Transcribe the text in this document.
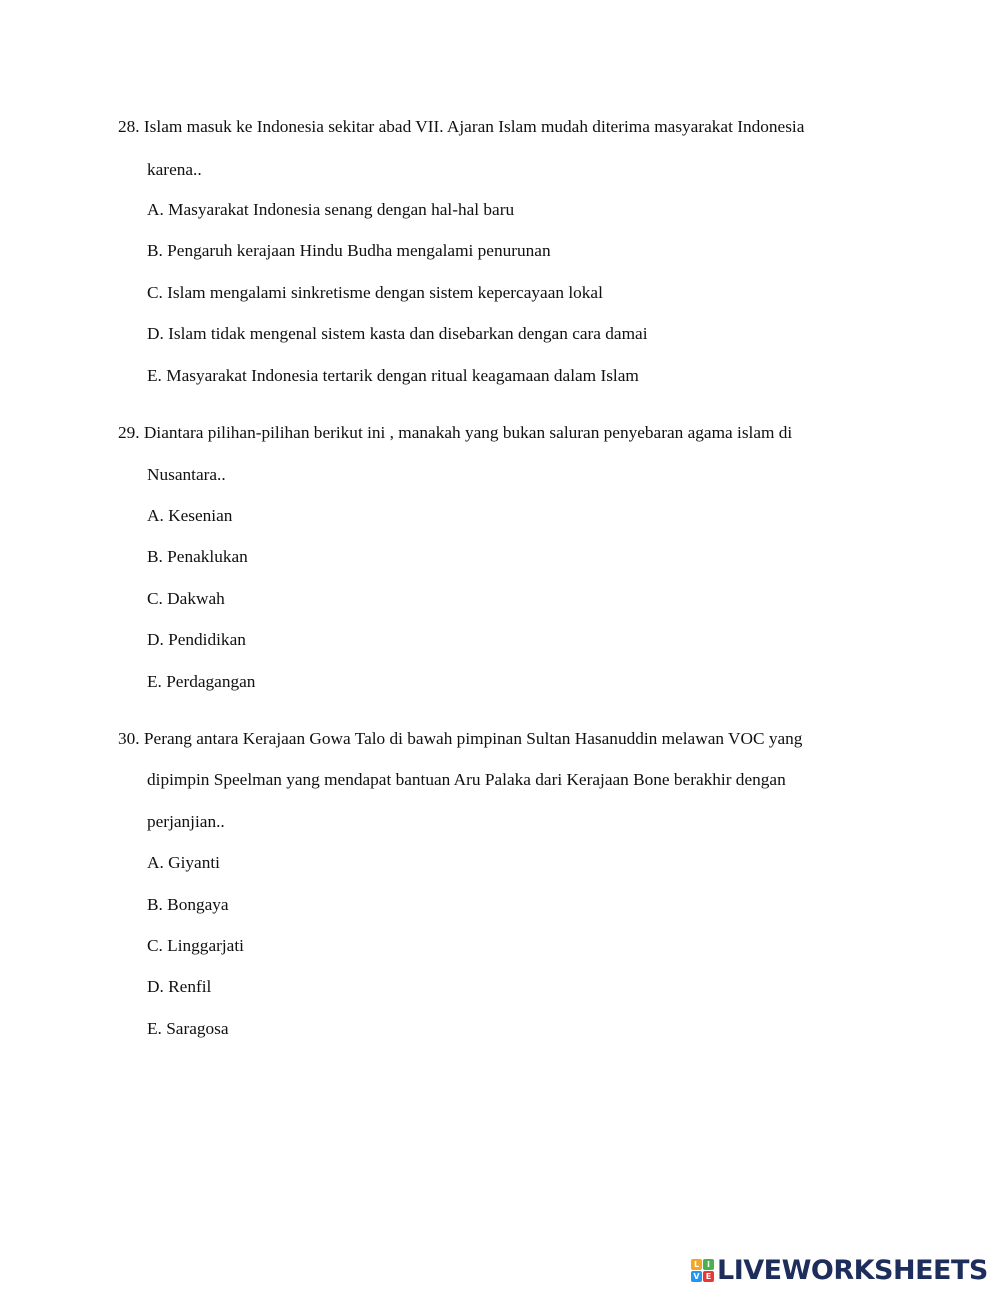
28. Islam masuk ke Indonesia sekitar abad VII. Ajaran Islam mudah diterima masyarakat Indonesia
karena..
A. Masyarakat Indonesia senang dengan hal-hal baru
B. Pengaruh kerajaan Hindu Budha mengalami penurunan
C. Islam mengalami sinkretisme dengan sistem kepercayaan lokal
D. Islam tidak mengenal sistem kasta dan disebarkan dengan cara damai
E. Masyarakat Indonesia tertarik dengan ritual keagamaan dalam Islam
29. Diantara pilihan-pilihan berikut ini , manakah yang bukan saluran penyebaran agama islam di
Nusantara..
A. Kesenian
B. Penaklukan
C. Dakwah
D. Pendidikan
E. Perdagangan
30. Perang antara Kerajaan Gowa Talo di bawah pimpinan Sultan Hasanuddin melawan VOC yang
dipimpin Speelman yang mendapat bantuan Aru Palaka dari Kerajaan Bone berakhir dengan
perjanjian..
A. Giyanti
B. Bongaya
C. Linggarjati
D. Renfil
E. Saragosa
L I
V E LIVEWORKSHEETS
